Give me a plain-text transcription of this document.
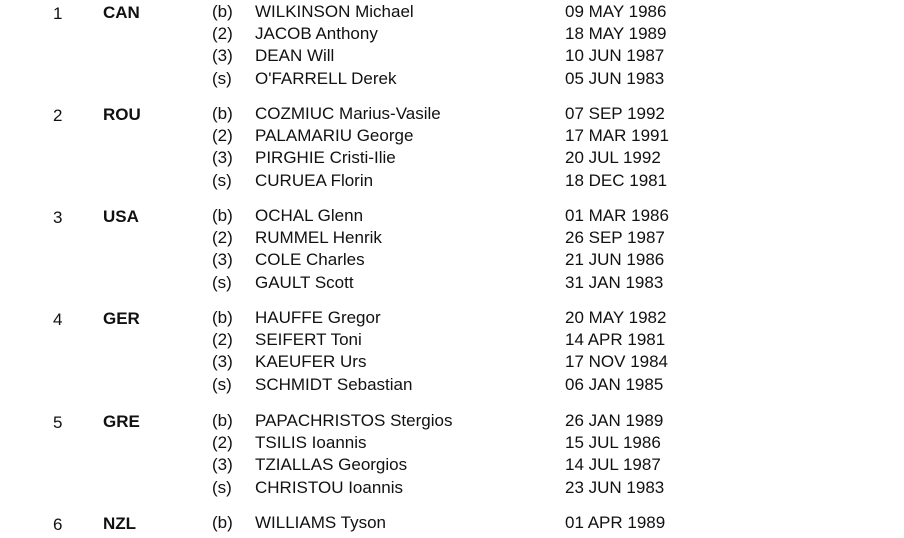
1 CAN	(b) WILKINSON Michael	09 MAY 1986
(2) JACOB Anthony	18 MAY 1989
(3) DEAN Will	10 JUN 1987
(s) O'FARRELL Derek	05 JUN 1983
2 ROU	(b) COZMIUC Marius-Vasile	07 SEP 1992
(2) PALAMARIU George	17 MAR 1991
(3) PIRGHIE Cristi-Ilie	20 JUL 1992
(s) CURUEA Florin	18 DEC 1981
3 USA	(b) OCHAL Glenn	01 MAR 1986
(2) RUMMEL Henrik	26 SEP 1987
(3) COLE Charles	21 JUN 1986
(s) GAULT Scott	31 JAN 1983
4 GER	(b) HAUFFE Gregor	20 MAY 1982
(2) SEIFERT Toni	14 APR 1981
(3) KAEUFER Urs	17 NOV 1984
(s) SCHMIDT Sebastian	06 JAN 1985
5 GRE	(b) PAPACHRISTOS Stergios	26 JAN 1989
(2) TSILIS Ioannis	15 JUL 1986
(3) TZIALLAS Georgios	14 JUL 1987
(s) CHRISTOU Ioannis	23 JUN 1983
6 NZL	(b) WILLIAMS Tyson	01 APR 1989
